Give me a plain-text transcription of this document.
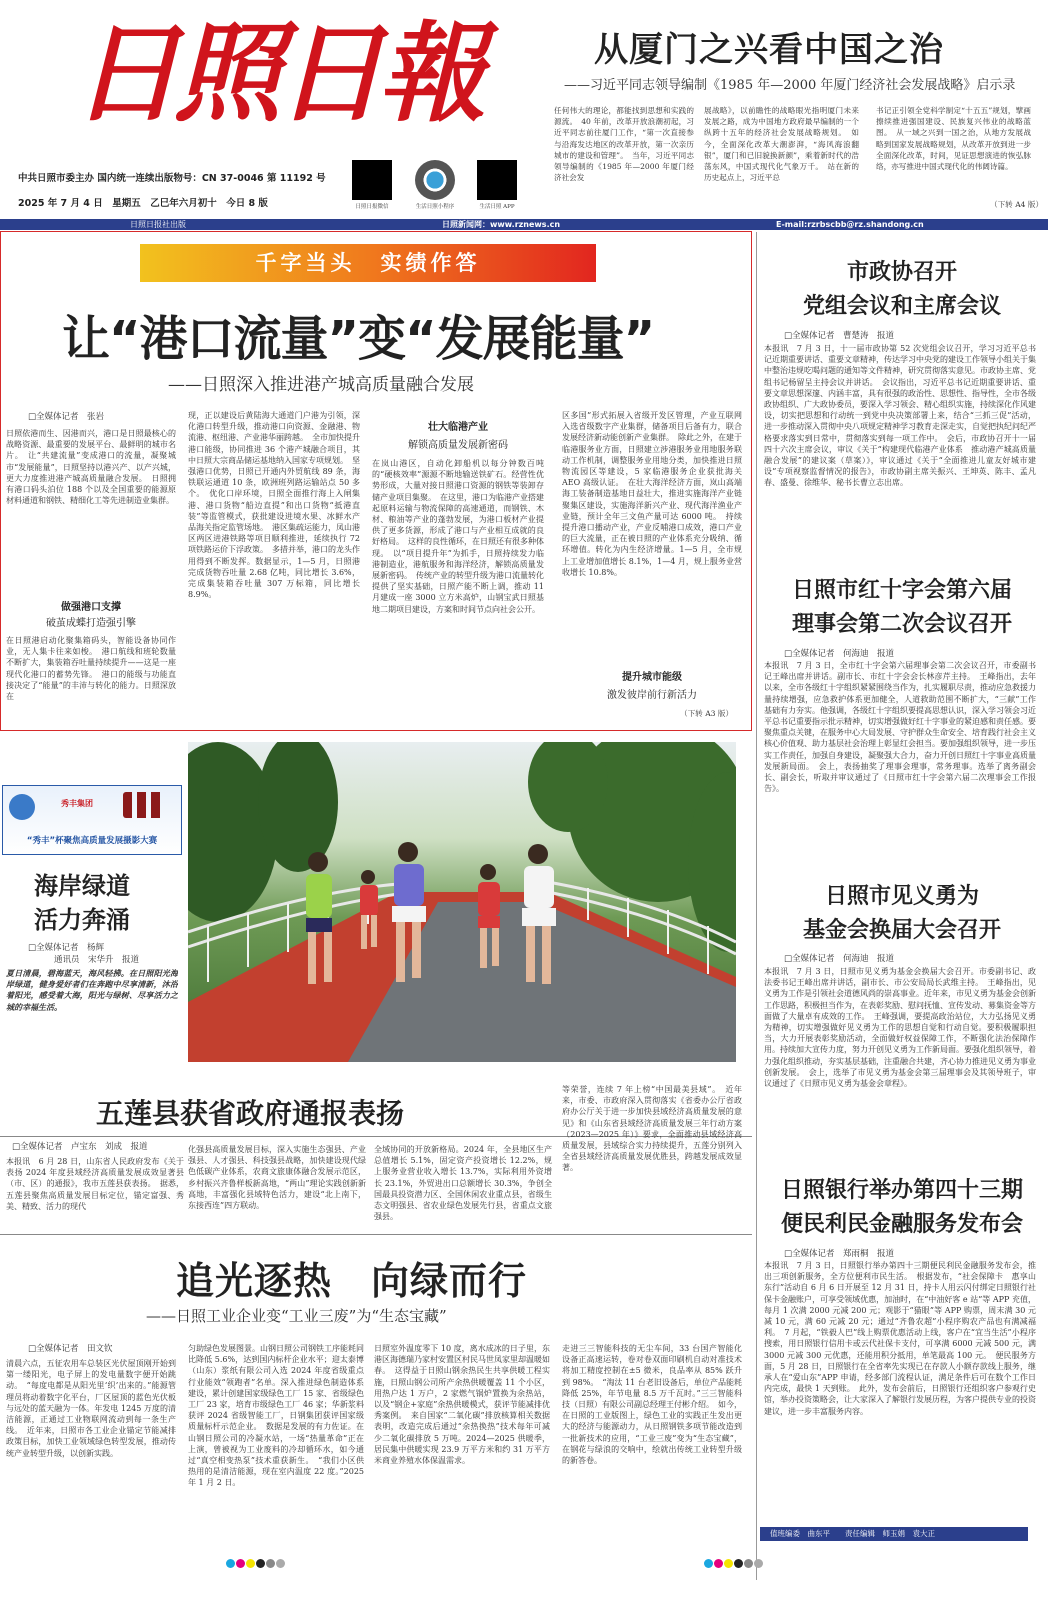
日照日報
中共日照市委主办 国内统一连续出版物号：CN 37-0046 第 11192 号
2025 年 7 月 4 日　星期五　乙巳年六月初十　今日 8 版	日照日报微信	生活日照小程序	生活日照 APP
从厦门之兴看中国之治
——习近平同志领导编制《1985 年—2000 年厦门经济社会发展战略》启示录
任何伟大的理论，都能找到思想和实践的源流。　40 年前，改革开放浪潮初起，习近平同志前往厦门工作，“第一次直接参与沿海发达地区的改革开放，第一次亲历城市的建设和管理”。　当年，习近平同志领导编制的《1985 年—2000 年厦门经济社会发
展战略》，以前瞻性的战略眼光指明厦门未来发展之路，成为中国地方政府最早编制的一个纵跨十五年的经济社会发展战略规划。　如今，全面深化改革大潮澎湃，“海风海浪翻银”，厦门和已旧貌换新颜”，乘着新时代的浩荡东风，中国式现代化气象万千。　站在新的历史起点上，习近平总
书记正引领全党科学制定“十五五”规划，擘画擦续推进强国建设、民族复兴伟业的战略蓝图。　从一域之兴到一国之治，从地方发展战略到国家发展战略规划，从改革开放到进一步全面深化改革，时间，见证思想演进的恢弘脉络，亦写推进中国式现代化的伟阔诗篇。
（下转 A4 版）
日照日报社出版	日照新闻网：www.rznews.cn	E-mail:rzrbscbb@rz.shandong.cn
千字当头　实绩作答
让“港口流量”变“发展能量”
——日照深入推进港产城高质量融合发展
□全媒体记者　张岩
日照依港而生、因港而兴，港口是日照最核心的战略资源、最重要的发展平台、最鲜明的城市名片。　让“共建流量”变成港口的流量，凝聚城市“发展能量”，日照坚持以港兴产、以产兴城，更大力度推进港产城高质量融合发展。　日照拥有港口码头泊位 188 个以及全国重要的能源原材料通道和钢铁、精细化工等先进制造业集群。
做强港口支撑
破茧成蝶打造强引擎
在日照港启动化聚集箱码头，智能设备协同作业，无人集卡往来如梭。　港口航线和班轮数量不断扩大，集装箱吞吐量持续提升——这是一座现代化港口的蓄势先锋。　港口的能级与功能直接决定了“能量”的丰沛与转化的能力。日照深放在
现，正以建设后黄陆海大通道门户港为引领，深化港口转型升级，推动港口向资源、金融港、物流港、枢纽港、产业港华丽跨越。　全市加快提升港口能级，协同推进 36 个港产城融合项目，其中日照大宗商品储运基地纳入国家专项规划。　坚强港口优势，日照已开通内外贸航线 89 条，海铁联运通道 10 条，欧洲班列路运输站点 50 多个。　优化口岸环境，日照全面推行海上入闸集港、港口货物“船边直提”和出口货物“抵港直装”等监管模式，获批建设进境水果、冰鲜水产品海关指定监管场地。　港区集疏运能力，凤山港区两区进港铁路等项目顺利推进，延续执行 72 项铁路运价下浮政策。　多措并举，港口的龙头作用得到不断发挥。数据显示，1—5 月，日照港完成货物吞吐量 2.68 亿吨，同比增长 3.6%，完成集装箱吞吐量 307 万标箱，同比增长 8.9%。
壮大临港产业
解锁高质量发展新密码
在岚山港区，自动化卸船机以每分钟数百吨的“硬核效率”源源不断地输送铁矿石。经营性优势形成，大量对接日照港口资源的钢铁等装卸存储产业项目集聚。　在这里，港口为临港产业搭建起原料运输与物流保障的高速通道，而钢铁、木材、粮油等产业的蓬勃发展，为港口板材产业提供了更多货源，形成了港口与产业相互成就的良好格局。　这样的良性循环，在日照还有很多种体现。　以“项目提升年”为抓手，日照持续发力临港制造业，港航服务和海洋经济，解锁高质量发展新密码。　传统产业的转型升级为港口流量转化提供了坚实基础，日照产能不断上调，推动 11 月建成一座 3000 立方米高炉，山钢宝武日照基地二期项目建设，方案和时间节点向社会公开。
区多国”形式拓展入省级开发区管理，产业互联网入选省级数字产业集群，储备项目后备有力，联合发展经济新动能创新产业集群。　除此之外，在建于临港服务业方面，日照建立涉港服务业用地服务联动工作机制，调整服务业用地分类，加快推进日照物流园区等建设，5 家临港服务企业获批海关 AEO 高级认证。　在壮大海洋经济方面，岚山高端海工装备制造基地日益壮大，推进实施海洋产业链聚集区建设，实施海洋新兴产业、现代海洋渔业产业链，预计全年三文鱼产量可达 6000 吨。　持续提升港口播动产业，产业反哺港口成效，港口产业的巨大流量，正在被日照的产业体系充分吸纳、循环增值。转化为内生经济增量。1—5 月，全市规上工业增加值增长 8.1%，1—4 月，规上服务业营收增长 10.8%。
提升城市能级
激发彼岸前行新活力
（下转 A3 版）
秀丰集团
“秀丰”杯聚焦高质量发展摄影大赛
海岸绿道
活力奔涌
□全媒体记者　杨辉
通讯员　宋华升　报道
夏日清晨，碧海蓝天，海风轻拂。在日照阳光海岸绿道，健身爱好者们在奔跑中尽享清新，沐浴着阳光，感受着大海，阳光与绿树、尽享活力之城的幸福生活。
五莲县获省政府通报表扬
□全媒体记者　卢宝东　刘成　报道
本报讯　6 月 28 日，山东省人民政府发布《关于表扬 2024 年度县域经济高质量发展成效显著县（市、区）的通报》，我市五莲县获表扬。　据悉，五莲县聚焦高质量发展目标定位，锚定富强、秀美、精致、活力的现代
化强县高质量发展目标，深入实施生态强县、产业强县、人才强县、科技强县战略，加快建设现代绿色低碳产业体系，农商文旅康体融合发展示范区，乡村振兴齐鲁样板新高地，“两山”理论实践创新新高地，丰富强化县域特色活力，建设“北上南下，东接西连”四方联动。
全域协同的开放新格局。2024 年，全县地区生产总值增长 5.1%，固定资产投资增长 12.2%，规上服务业营业收入增长 13.7%，实际利用外资增长 23.1%，外贸进出口总额增长 30.3%，争创全国最具投资潜力区、全国休闲农业重点县，省级生态文明强县、省农业绿色发展先行县，省重点文旅强县。
等荣誉，连续 7 年上榜“中国最美县域”。　近年来，市委、市政府深入贯彻落实《省委办公厅省政府办公厅关于进一步加快县域经济高质量发展的意见》和《山东省县域经济高质量发展三年行动方案（2023—2025 年）》要求，全面推动县域经济高质量发展，县域综合实力持续提升，五莲分别列入全省县域经济高质量发展优胜县，跨越发展成效显著。
追光逐热　向绿而行
——日照工业企业变“工业三废”为“生态宝藏”
□全媒体记者　田文钦
清晨六点，五征农用车总装区光伏屋顶刚开始到第一缕阳光，电子屏上的发电量数字便开始跳动。　“每度电都是从阳光里‘织’出来的。”能源管理员将动着数字化平台，厂区屋顶的蓝色光伏板与远处的蓝天融为一体。年发电 1245 万度的清洁能源，正通过工业物联网流动到每一条生产线。　近年来，日照市各工业企业锚定节能减排政策目标，加快工业领域绿色转型发展，推动传统产业转型升级，以创新实践。
匀助绿色发展图景。山钢日照公司钢铁工序能耗同比降低 5.6%，达到国内标杆企业水平；迎太泰博（山东）浆纸有限公司入选 2024 年度省级重点行业能效“领跑者”名单。深入推进绿色制造体系建设，累计创建国家级绿色工厂 15 家、省级绿色工厂 23 家，培育市级绿色工厂 46 家；华新浆料获评 2024 省级智能工厂，日钢集团获评国家级质量标杆示范企业。　数据是发展的有力佐证。在山钢日照公司的冷凝水站，一场“热量革命”正在上演，曾被视为工业废料的冷却循环水，如今通过“真空相变热泵”技术重获新生。　“我们小区供热用的是清洁能源，现在室内温度 22 度。”2025 年 1 月 2 日。
日照室外温度零下 10 度，离水成冰的日子里，东港区海德瑞乃家村安置区村民马世凤家里却温暖如春。　这得益于日照山钢余热民生共享供暖工程实施，日照山钢公司所产余热供暖覆盖 11 个小区，用热户达 1 万户，2 家燃气锅炉置换为余热站，以及“钢企+家庭”余热供暖模式，获评节能减排优秀案例。　来自国家“二氧化碳”排放核算相关数据表明，改造完成后通过“余热换热”技术每年可减少二氧化碳排放 5 万吨。2024—2025 供暖季，居民集中供暖实现 23.9 万平方米和约 31 万平方米商业养殖水体保温需求。
走进三三智能科技的无尘车间，33 台国产智能化设备正高速运转，卷对卷双面印刷机自动对准技术将加工精度控制在±5 微米，良品率从 85% 跃升到 98%。　“淘汰 11 台老旧设备后，单位产品能耗降低 25%，年节电量 8.5 万千瓦时。”三三智能科技（日照）有限公司副总经理王付彬介绍。　如今，在日照的工业版图上，绿色工业的实践正生发出更大的经济与能源动力，从日照钢铁多项节能改造到一批新技术的应用，“工业三废”变为“生态宝藏”，在钢花与绿浪的交响中，绘就出传统工业转型升级的新答卷。
市政协召开
党组会议和主席会议
□全媒体记者　曹楚涛　报道
本报讯　7 月 3 日，十一届市政协第 52 次党组会议召开，学习习近平总书记近期重要讲话、重要文章精神，传达学习中央党的建设工作领导小组关于集中整治违规吃喝问题的通知等文件精神，研究贯彻落实意见。市政协主席、党组书记杨留呈主持会议并讲话。　会议指出，习近平总书记近期重要讲话、重要文章思想深邃、内涵丰富，具有很强的政治性、思想性、指导性，全市各级政协组织、广大政协委员，要深入学习领会、精心组织实施，持续深化作风建设，切实把思想和行动统一到党中央决策部署上来，结合“三抓三促”活动，进一步推动深入贯彻中央八项规定精神学习教育走深走实，自觉把执纪问纪严格要求落实到日常中，贯彻落实到每一项工作中。　会后，市政协召开十一届四十六次主席会议，审议《关于“构建现代临港产业体系　推动港产城高质量融合发展”的建议案（草案）》，审议通过《关于“全面推进儿童友好城市建设”专项视察监督情况的报告》，市政协副主席关振兴、王坤英、陈丰、孟凡春、盛曼、徐维华、秘书长曹立志出席。
日照市红十字会第六届
理事会第二次会议召开
□全媒体记者　何海迪　报道
本报讯　7 月 3 日，全市红十字会第六届理事会第二次会议召开，市委副书记王峰出席并讲话。副市长、市红十字会会长林彦芹主持。　王峰指出，去年以来，全市各级红十字组织紧紧围绕当作为，扎实履职尽责，推动应急救援力量持续增强，应急救护体系更加健全，人道救助范围不断扩大，“三献”工作基础有力夯实。他强调，各级红十字组织要提高思想认识，深入学习领会习近平总书记重要指示批示精神，切实增强做好红十字事业的紧迫感和责任感。要聚焦重点关键，在服务中心大局发展、守护群众生命安全、培育践行社会主义核心价值观、助力基层社会治理上彰显红会担当。要加强组织领导，进一步压实工作责任，加强自身建设，凝聚强大合力，奋力开创日照红十字事业高质量发展新局面。　会上，表扬抽奖了理事会理事，常务理事。选举了离务副会长、副会长，听取并审议通过了《日照市红十字会第六届二次理事会工作报告》。
日照市见义勇为
基金会换届大会召开
□全媒体记者　何海迪　报道
本报讯　7 月 3 日，日照市见义勇为基金会换届大会召开。市委副书记、政法委书记王峰出席并讲话，副市长、市公安局局长武维主持。　王峰指出，见义勇为工作是引领社会道德风尚的崇高事业。近年来，市见义勇为基金会创新工作思路，积极担当作为，在表彰奖励、慰问抚恤、宣传发动、募集资金等方面做了大量卓有成效的工作。　王峰强调，要提高政治站位，大力弘扬见义勇为精神，切实增强做好见义勇为工作的思想自觉和行动自觉。要积极履职担当，大力开展表彰奖励活动，全面做好权益保障工作，不断强化法治保障作用。持续加大宣传力度，努力开创见义勇为工作新局面。要强化组织领导，着力强化组织推动，夯实基层基础，注重融合共建，齐心协力推进见义勇为事业创新发展。　会上，选举了市见义勇为基金会第三届理事会及其领导班子，审议通过了《日照市见义勇为基金会章程》。
日照银行举办第四十三期
便民利民金融服务发布会
□全媒体记者　郑雨桐　报道
本报讯　7 月 3 日，日照银行举办第四十三期便民利民金融服务发布会，推出三项创新服务，全方位便利市民生活。　根据发布，“社会保障卡　惠享山东行”活动自 6 月 6 日开展至 12 月 31 日，持卡人用云闪付绑定日照银行社保卡金融账户，可享受领域优惠，加油时，在“中油好客 e 站”等 APP 充值，每月 1 次满 2000 元减 200 元；观影于“猫眼”等 APP 购票，周末满 30 元减 10 元，满 60 元减 20 元；通过“齐鲁农超”小程序购农产品也有满减福利。　7 月起，“铁毅人巴”线上购票优惠活动上线，客户在“宜当生活”小程序搜索，用日照银行信用卡或云代社保卡支付，可享满 6000 元减 500 元，满 3000 元减 300 元优惠，还能用积分抵用，单笔最高 100 元。　便民服务方面，5 月 28 日，日照银行在全省率先实现已在存款人小额存款线上服务，继承人在“爱山东”APP 申请，经多部门流程认证，满足条件后可在数个工作日内完成，最快 1 天到账。　此外，发布会前后，日照银行还组织客户参观行史馆，举办投资策略会，让大家深入了解银行发展历程，为客户提供专业的投资建议，进一步丰富服务内容。
值班编委　曲东平　　责任编辑　师玉娟　袁大正
